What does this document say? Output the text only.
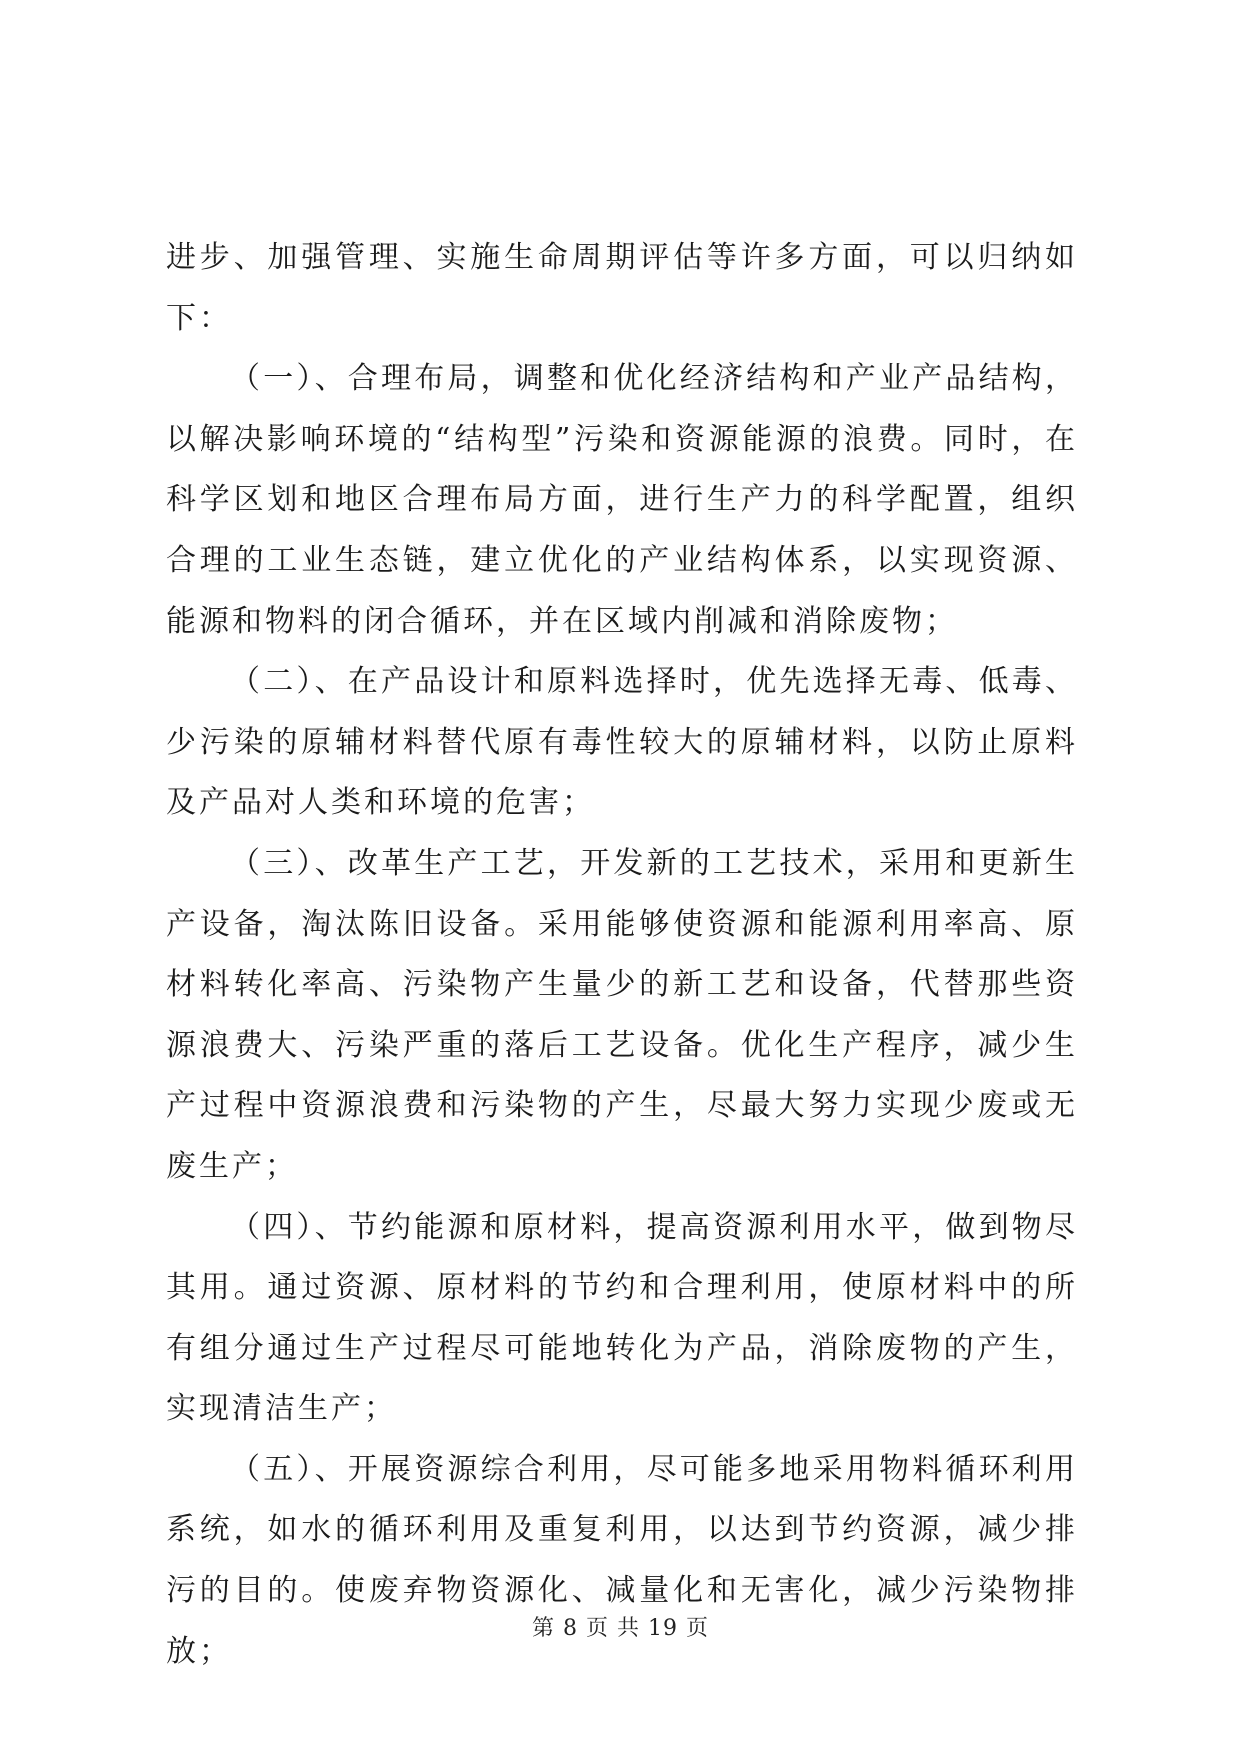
进步、加强管理、实施生命周期评估等许多方面，可以归纳如下：

（一）、合理布局，调整和优化经济结构和产业产品结构，以解决影响环境的“结构型”污染和资源能源的浪费。同时，在科学区划和地区合理布局方面，进行生产力的科学配置，组织合理的工业生态链，建立优化的产业结构体系，以实现资源、能源和物料的闭合循环，并在区域内削减和消除废物；

（二）、在产品设计和原料选择时，优先选择无毒、低毒、少污染的原辅材料替代原有毒性较大的原辅材料，以防止原料及产品对人类和环境的危害；

（三）、改革生产工艺，开发新的工艺技术，采用和更新生产设备，淘汰陈旧设备。采用能够使资源和能源利用率高、原材料转化率高、污染物产生量少的新工艺和设备，代替那些资源浪费大、污染严重的落后工艺设备。优化生产程序，减少生产过程中资源浪费和污染物的产生，尽最大努力实现少废或无废生产；

（四）、节约能源和原材料，提高资源利用水平，做到物尽其用。通过资源、原材料的节约和合理利用，使原材料中的所有组分通过生产过程尽可能地转化为产品，消除废物的产生，实现清洁生产；

（五）、开展资源综合利用，尽可能多地采用物料循环利用系统，如水的循环利用及重复利用，以达到节约资源，减少排污的目的。使废弃物资源化、减量化和无害化，减少污染物排放；

第 8 页 共 19 页
